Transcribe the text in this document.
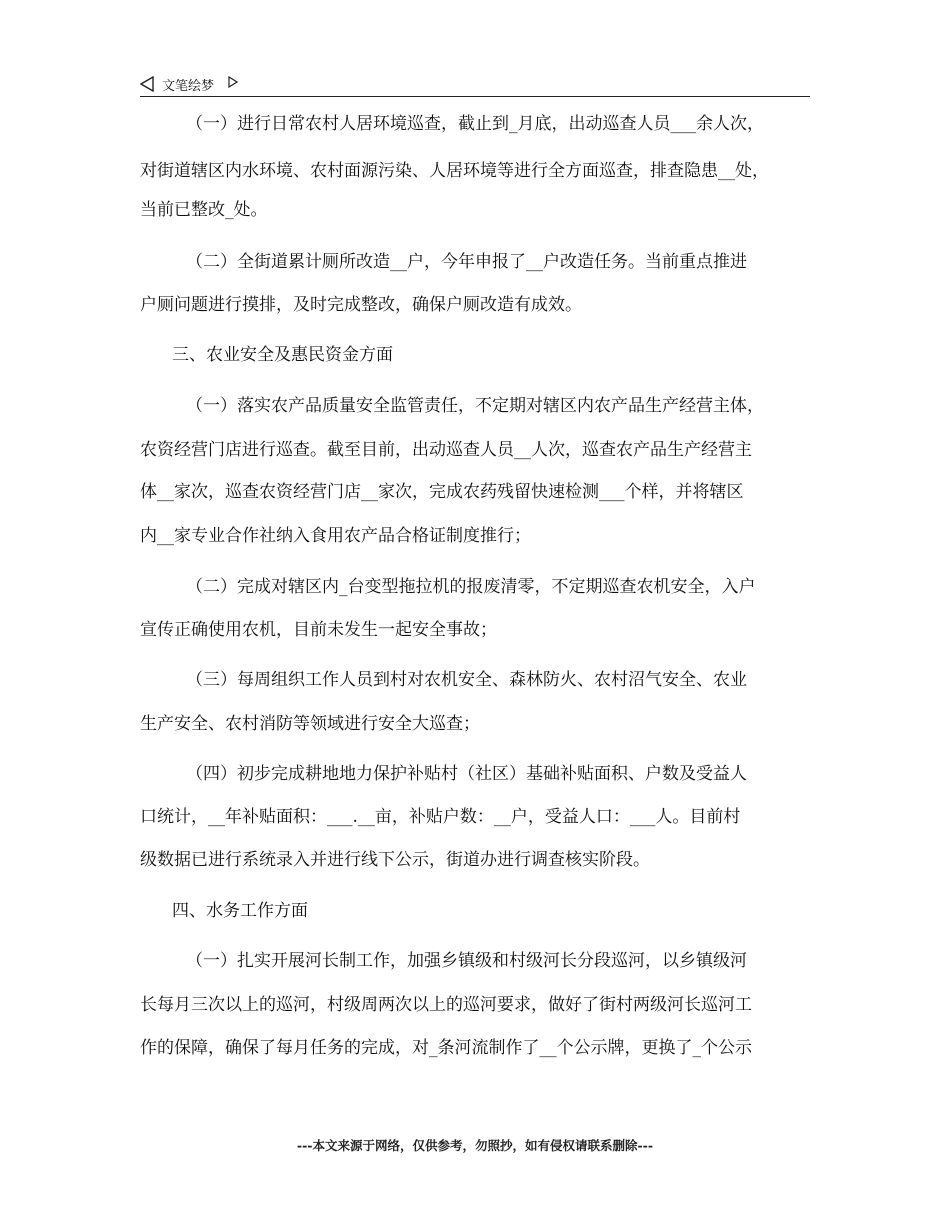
文笔绘梦
（一）进行日常农村人居环境巡查，截止到_月底，出动巡查人员___余人次，
对街道辖区内水环境、农村面源污染、人居环境等进行全方面巡查，排查隐患__处，
当前已整改_处。
（二）全街道累计厕所改造__户，今年申报了__户改造任务。当前重点推进
户厕问题进行摸排，及时完成整改，确保户厕改造有成效。
三、农业安全及惠民资金方面
（一）落实农产品质量安全监管责任，不定期对辖区内农产品生产经营主体，
农资经营门店进行巡查。截至目前，出动巡查人员__人次，巡查农产品生产经营主
体__家次，巡查农资经营门店__家次，完成农药残留快速检测___个样，并将辖区
内__家专业合作社纳入食用农产品合格证制度推行；
（二）完成对辖区内_台变型拖拉机的报废清零，不定期巡查农机安全，入户
宣传正确使用农机，目前未发生一起安全事故；
（三）每周组织工作人员到村对农机安全、森林防火、农村沼气安全、农业
生产安全、农村消防等领域进行安全大巡查；
（四）初步完成耕地地力保护补贴村（社区）基础补贴面积、户数及受益人
口统计，__年补贴面积：___.__亩，补贴户数：__户，受益人口：___人。目前村
级数据已进行系统录入并进行线下公示，街道办进行调查核实阶段。
四、水务工作方面
（一）扎实开展河长制工作，加强乡镇级和村级河长分段巡河，以乡镇级河
长每月三次以上的巡河，村级周两次以上的巡河要求，做好了街村两级河长巡河工
作的保障，确保了每月任务的完成，对_条河流制作了__个公示牌，更换了_个公示
---本文来源于网络，仅供参考，勿照抄，如有侵权请联系删除---
